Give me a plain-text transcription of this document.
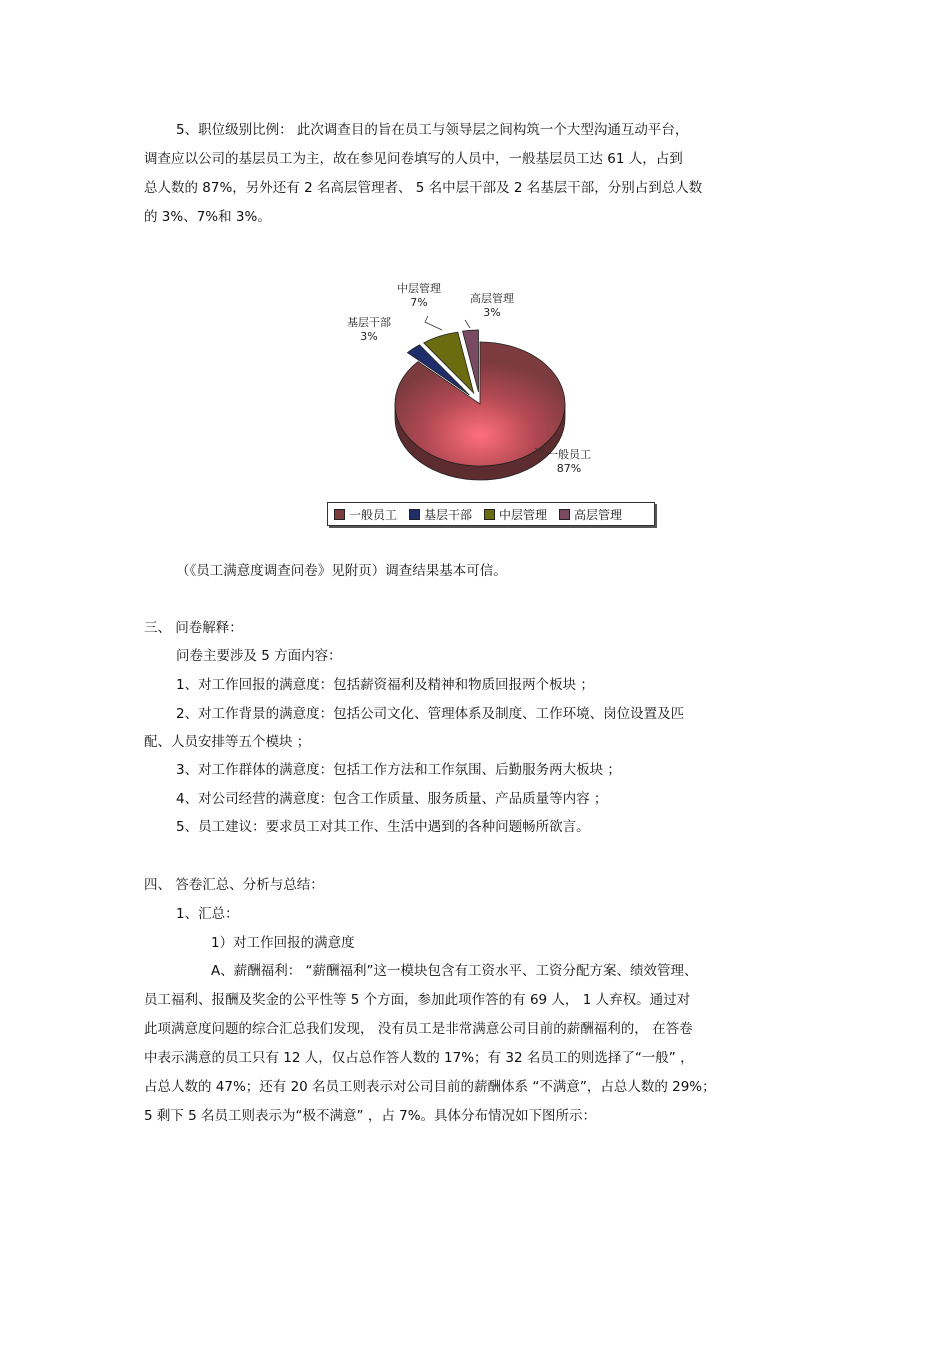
5、职位级别比例： 此次调查目的旨在员工与领导层之间构筑一个大型沟通互动平台，
调查应以公司的基层员工为主，故在参见问卷填写的人员中，一般基层员工达 61 人，占到
总人数的 87%，另外还有 2 名高层管理者、 5 名中层干部及 2 名基层干部，分别占到总人数
的 3%、7%和 3%。
中层管理
7%	高层管理
3%
基层干部
3%
一般员工
87%
一般员工 基层干部 中层管理 高层管理
（《员工满意度调查问卷》见附页）调查结果基本可信。
三、 问卷解释：
问卷主要涉及 5 方面内容：
1、对工作回报的满意度：包括薪资福利及精神和物质回报两个板块 ；
2、对工作背景的满意度：包括公司文化、管理体系及制度、工作环境、岗位设置及匹
配、人员安排等五个模块 ；
3、对工作群体的满意度：包括工作方法和工作氛围、后勤服务两大板块 ；
4、对公司经营的满意度：包含工作质量、服务质量、产品质量等内容 ；
5、员工建议：要求员工对其工作、生活中遇到的各种问题畅所欲言。
四、 答卷汇总、分析与总结：
1、汇总：
1）对工作回报的满意度
A、薪酬福利： “薪酬福利”这一模块包含有工资水平、工资分配方案、绩效管理、
员工福利、报酬及奖金的公平性等 5 个方面，参加此项作答的有 69 人， 1 人弃权。通过对
此项满意度问题的综合汇总我们发现， 没有员工是非常满意公司目前的薪酬福利的， 在答卷
中表示满意的员工只有 12 人，仅占总作答人数的 17%；有 32 名员工的则选择了“一般” ，
占总人数的 47%；还有 20 名员工则表示对公司目前的薪酬体系 “不满意”，占总人数的 29%；
5 剩下 5 名员工则表示为“极不满意” ，占 7%。具体分布情况如下图所示：
